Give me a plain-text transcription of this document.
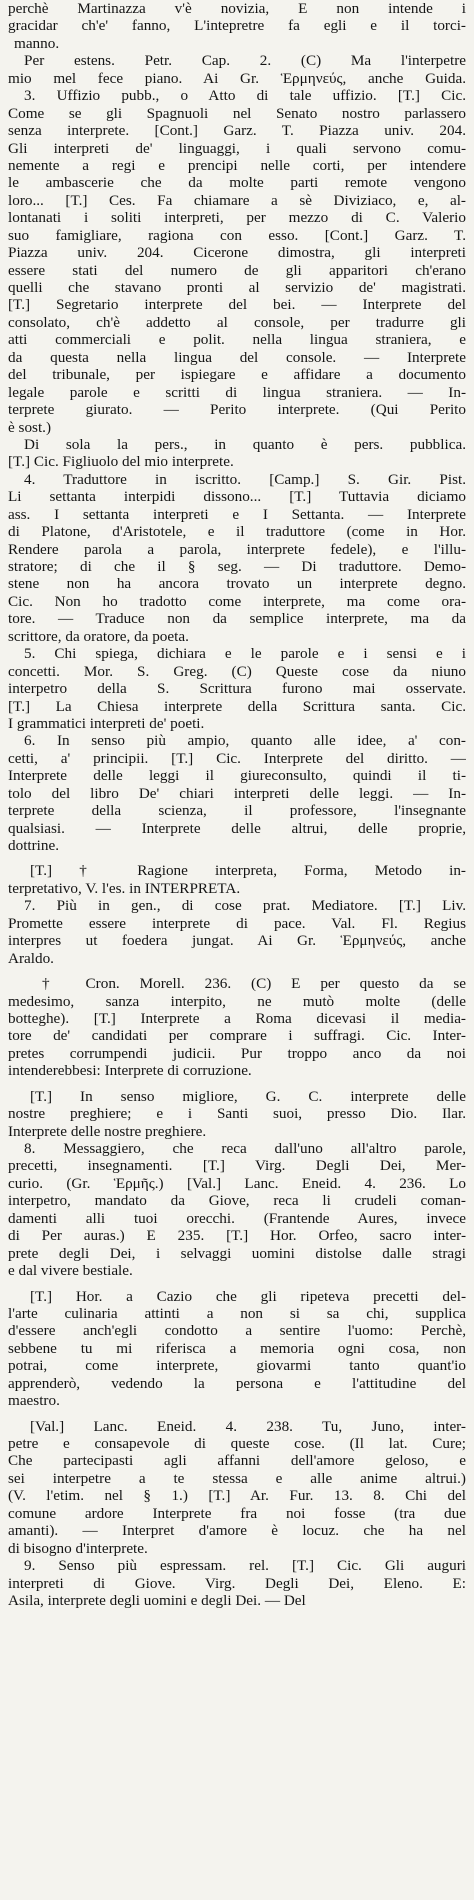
perchè Martinazza v'è novizia, E non intende i
gracidar ch'e' fanno, L'intepretre fa egli e il torci-
manno.
Per estens. Petr. Cap. 2. (C) Ma l'interpetre
mio mel fece piano. Ai Gr. Ἑρμηνεύς, anche Guida.
3. Uffizio pubb., o Atto di tale uffizio. [T.] Cic.
Come se gli Spagnuoli nel Senato nostro parlassero
senza interprete. [Cont.] Garz. T. Piazza univ. 204.
Gli interpreti de' linguaggi, i quali servono comu-
nemente a regi e prencipi nelle corti, per intendere
le ambascerie che da molte parti remote vengono
loro... [T.] Ces. Fa chiamare a sè Diviziaco, e, al-
lontanati i soliti interpreti, per mezzo di C. Valerio
suo famigliare, ragiona con esso. [Cont.] Garz. T.
Piazza univ. 204. Cicerone dimostra, gli interpreti
essere stati del numero de gli apparitori ch'erano
quelli che stavano pronti al servizio de' magistrati.
[T.] Segretario interprete del bei. — Interprete del
consolato, ch'è addetto al console, per tradurre gli
atti commerciali e polit. nella lingua straniera, e
da questa nella lingua del console. — Interprete
del tribunale, per ispiegare e affidare a documento
legale parole e scritti di lingua straniera. — In-
terprete giurato. — Perito interprete. (Qui Perito
è sost.)
Di sola la pers., in quanto è pers. pubblica.
[T.] Cic. Figliuolo del mio interprete.
4. Traduttore in iscritto. [Camp.] S. Gir. Pist.
Li settanta interpidi dissono... [T.] Tuttavia diciamo
ass. I settanta interpreti e I Settanta. — Interprete
di Platone, d'Aristotele, e il traduttore (come in Hor.
Rendere parola a parola, interprete fedele), e l'illu-
stratore; di che il § seg. — Di traduttore. Demo-
stene non ha ancora trovato un interprete degno.
Cic. Non ho tradotto come interprete, ma come ora-
tore. — Traduce non da semplice interprete, ma da
scrittore, da oratore, da poeta.
5. Chi spiega, dichiara e le parole e i sensi e i
concetti. Mor. S. Greg. (C) Queste cose da niuno
interpetro della S. Scrittura furono mai osservate.
[T.] La Chiesa interprete della Scrittura santa. Cic.
I grammatici interpreti de' poeti.
6. In senso più ampio, quanto alle idee, a' con-
cetti, a' principii. [T.] Cic. Interprete del diritto. —
Interprete delle leggi il giureconsulto, quindi il ti-
tolo del libro De' chiari interpreti delle leggi. — In-
terprete della scienza, il professore, l'insegnante
qualsiasi. — Interprete delle altrui, delle proprie,
dottrine.
[T.] † Ragione interpreta, Forma, Metodo in-
terpretativo, V. l'es. in INTERPRETA.
7. Più in gen., di cose prat. Mediatore. [T.] Liv.
Promette essere interprete di pace. Val. Fl. Regius
interpres ut foedera jungat. Ai Gr. Ἑρμηνεύς, anche
Araldo.
† Cron. Morell. 236. (C) E per questo da se
medesimo, sanza interpito, ne mutò molte (delle
botteghe). [T.] Interprete a Roma dicevasi il media-
tore de' candidati per comprare i suffragi. Cic. Inter-
pretes corrumpendi judicii. Pur troppo anco da noi
intenderebbesi: Interprete di corruzione.
[T.] In senso migliore, G. C. interprete delle
nostre preghiere; e i Santi suoi, presso Dio. Ilar.
Interprete delle nostre preghiere.
8. Messaggiero, che reca dall'uno all'altro parole,
precetti, insegnamenti. [T.] Virg. Degli Dei, Mer-
curio. (Gr. Ἑρμῆς.) [Val.] Lanc. Eneid. 4. 236. Lo
interpetro, mandato da Giove, reca li crudeli coman-
damenti alli tuoi orecchi. (Frantende Aures, invece
di Per auras.) E 235. [T.] Hor. Orfeo, sacro inter-
prete degli Dei, i selvaggi uomini distolse dalle stragi
e dal vivere bestiale.
[T.] Hor. a Cazio che gli ripeteva precetti del-
l'arte culinaria attinti a non si sa chi, supplica
d'essere anch'egli condotto a sentire l'uomo: Perchè,
sebbene tu mi riferisca a memoria ogni cosa, non
potrai, come interprete, giovarmi tanto quant'io
apprenderò, vedendo la persona e l'attitudine del
maestro.
[Val.] Lanc. Eneid. 4. 238. Tu, Juno, inter-
petre e consapevole di queste cose. (Il lat. Cure;
Che partecipasti agli affanni dell'amore geloso, e
sei interpetre a te stessa e alle anime altrui.)
(V. l'etim. nel § 1.) [T.] Ar. Fur. 13. 8. Chi del
comune ardore Interprete fra noi fosse (tra due
amanti). — Interpret d'amore è locuz. che ha nel
di bisogno d'interprete.
9. Senso più espressam. rel. [T.] Cic. Gli auguri
interpreti di Giove. Virg. Degli Dei, Eleno. E:
Asila, interprete degli uomini e degli Dei. — Del
